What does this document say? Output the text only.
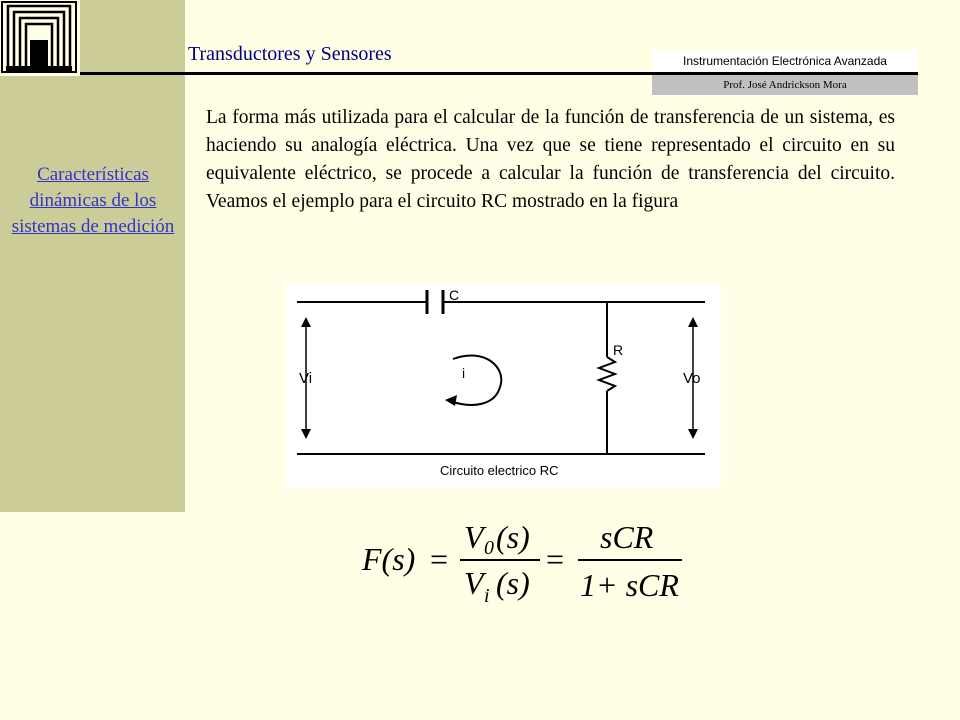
Transductores y Sensores	Instrumentación Electrónica Avanzada
Prof. José Andrickson Mora
Características dinámicas de los sistemas de medición
La forma más utilizada para el calcular de la función de transferencia de un sistema, es haciendo su analogía eléctrica. Una vez que se tiene representado el circuito en su equivalente eléctrico, se procede a calcular la función de transferencia del circuito. Veamos el ejemplo para el circuito RC mostrado en la figura
C
R
Vi	Vo
i
Circuito electrico RC
F(s) =
V 0 (s)
V i (s)
=
sCR
1+ sCR
